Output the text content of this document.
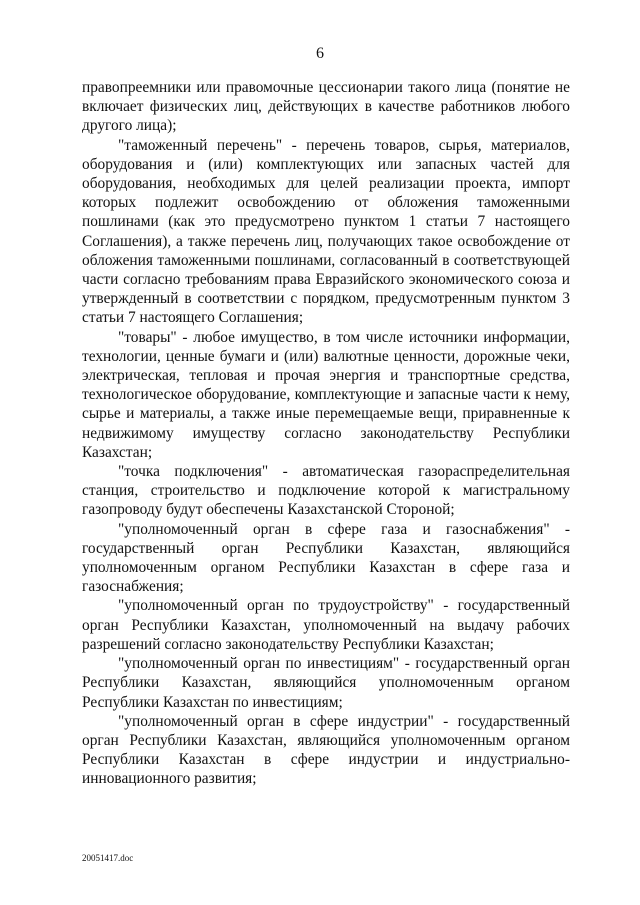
6

правопреемники или правомочные цессионарии такого лица (понятие не включает физических лиц, действующих в качестве работников любого другого лица);

"таможенный перечень" - перечень товаров, сырья, материалов, оборудования и (или) комплектующих или запасных частей для оборудования, необходимых для целей реализации проекта, импорт которых подлежит освобождению от обложения таможенными пошлинами (как это предусмотрено пунктом 1 статьи 7 настоящего Соглашения), а также перечень лиц, получающих такое освобождение от обложения таможенными пошлинами, согласованный в соответствующей части согласно требованиям права Евразийского экономического союза и утвержденный в соответствии с порядком, предусмотренным пунктом 3 статьи 7 настоящего Соглашения;

"товары" - любое имущество, в том числе источники информации, технологии, ценные бумаги и (или) валютные ценности, дорожные чеки, электрическая, тепловая и прочая энергия и транспортные средства, технологическое оборудование, комплектующие и запасные части к нему, сырье и материалы, а также иные перемещаемые вещи, приравненные к недвижимому имуществу согласно законодательству Республики Казахстан;

"точка подключения" - автоматическая газораспределительная станция, строительство и подключение которой к магистральному газопроводу будут обеспечены Казахстанской Стороной;

"уполномоченный орган в сфере газа и газоснабжения" - государственный орган Республики Казахстан, являющийся уполномоченным органом Республики Казахстан в сфере газа и газоснабжения;

"уполномоченный орган по трудоустройству" - государственный орган Республики Казахстан, уполномоченный на выдачу рабочих разрешений согласно законодательству Республики Казахстан;

"уполномоченный орган по инвестициям" - государственный орган Республики Казахстан, являющийся уполномоченным органом Республики Казахстан по инвестициям;

"уполномоченный орган в сфере индустрии" - государственный орган Республики Казахстан, являющийся уполномоченным органом Республики Казахстан в сфере индустрии и индустриально-инновационного развития;

20051417.doc
